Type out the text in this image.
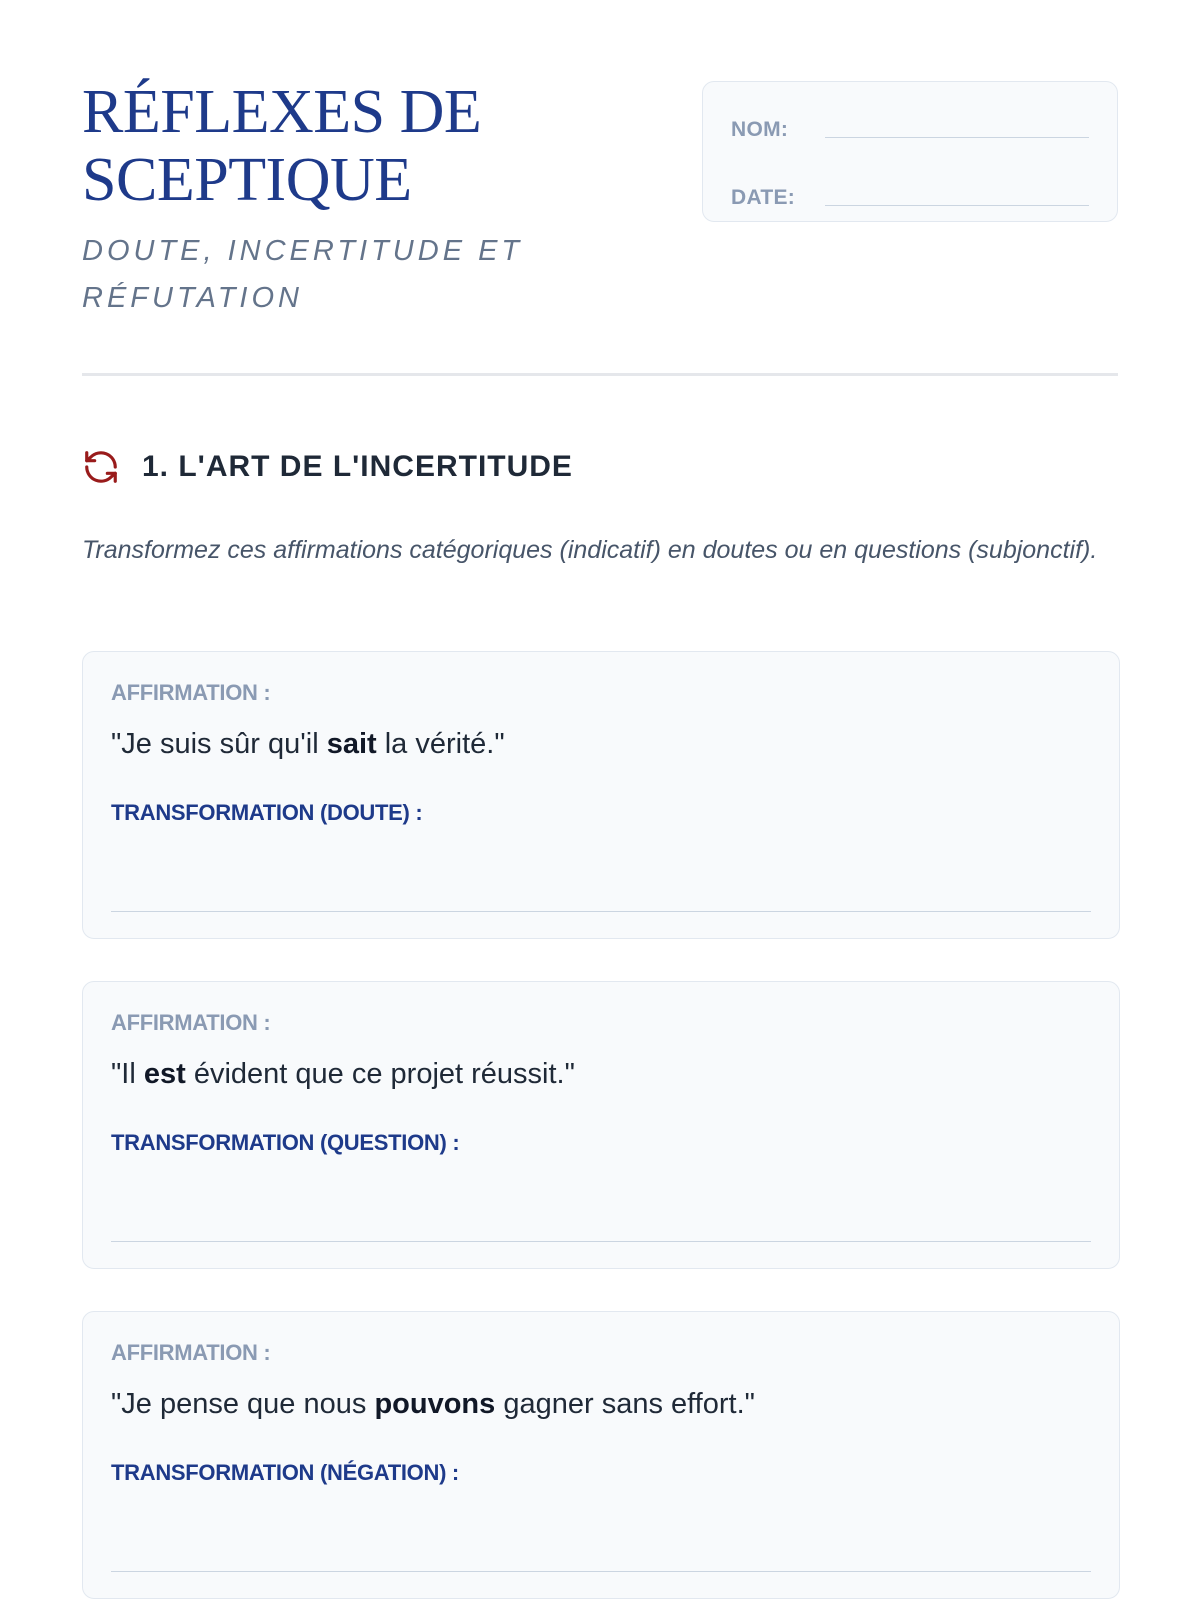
RÉFLEXES DE SCEPTIQUE

DOUTE, INCERTITUDE ET RÉFUTATION

NOM:
DATE:
1. L'ART DE L'INCERTITUDE

Transformez ces affirmations catégoriques (indicatif) en doutes ou en questions (subjonctif).

AFFIRMATION :
"Je suis sûr qu'il sait la vérité."
TRANSFORMATION (DOUTE) :
AFFIRMATION :
"Il est évident que ce projet réussit."
TRANSFORMATION (QUESTION) :
AFFIRMATION :
"Je pense que nous pouvons gagner sans effort."
TRANSFORMATION (NÉGATION) :
